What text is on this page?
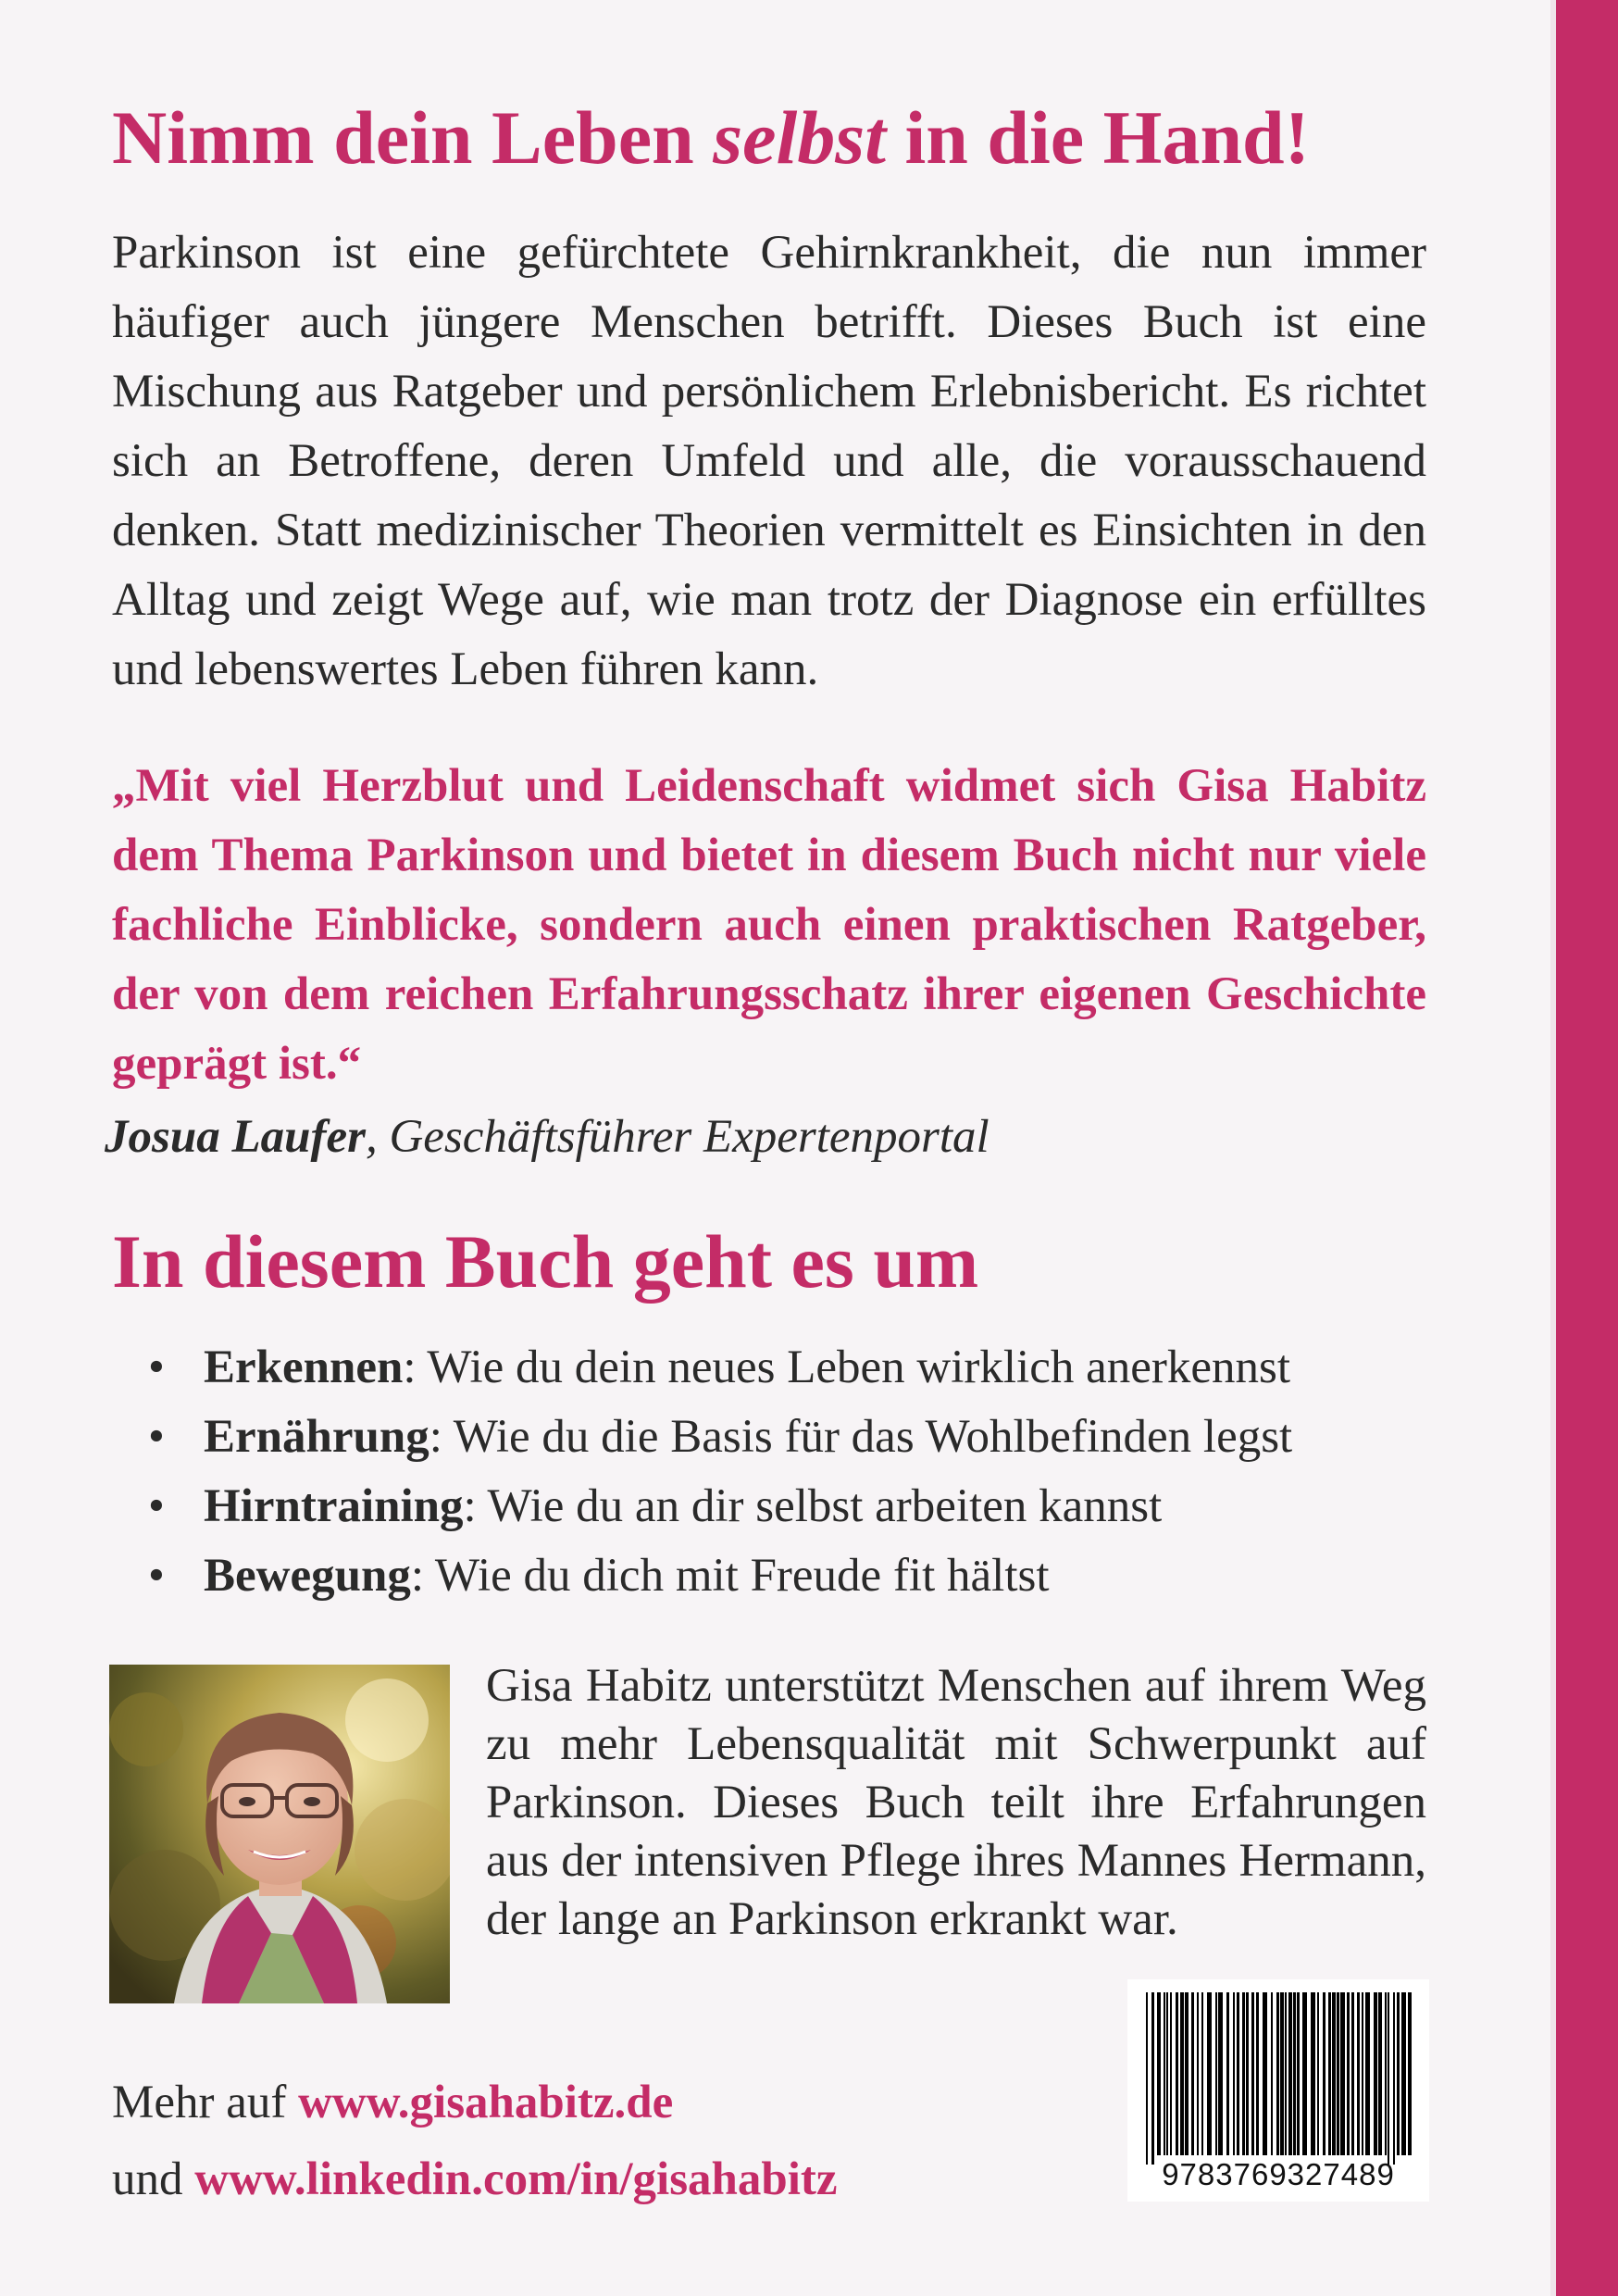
Nimm dein Leben selbst in die Hand!

Parkinson ist eine gefürchtete Gehirnkrankheit, die nun immer häufiger auch jüngere Menschen betrifft. Dieses Buch ist eine Mischung aus Ratgeber und persönlichem Erlebnisbericht. Es richtet sich an Betroffene, deren Umfeld und alle, die vorausschauend denken. Statt medizinischer Theorien vermittelt es Einsichten in den Alltag und zeigt Wege auf, wie man trotz der Diagnose ein erfülltes und lebenswertes Leben führen kann.

„Mit viel Herzblut und Leidenschaft widmet sich Gisa Habitz dem Thema Parkinson und bietet in diesem Buch nicht nur viele fachliche Einblicke, sondern auch einen praktischen Ratgeber, der von dem reichen Erfahrungsschatz ihrer eigenen Geschichte geprägt ist.“

Josua Laufer, Geschäftsführer Expertenportal

In diesem Buch geht es um
• Erkennen: Wie du dein neues Leben wirklich anerkennst
• Ernährung: Wie du die Basis für das Wohlbefinden legst
• Hirntraining: Wie du an dir selbst arbeiten kannst
• Bewegung: Wie du dich mit Freude fit hältst

Gisa Habitz unterstützt Menschen auf ihrem Weg zu mehr Lebensqualität mit Schwerpunkt auf Parkinson. Dieses Buch teilt ihre Erfahrungen aus der intensiven Pflege ihres Mannes Hermann, der lange an Parkinson erkrankt war.

Mehr auf www.gisahabitz.de
und www.linkedin.com/in/gisahabitz	9783769327489
